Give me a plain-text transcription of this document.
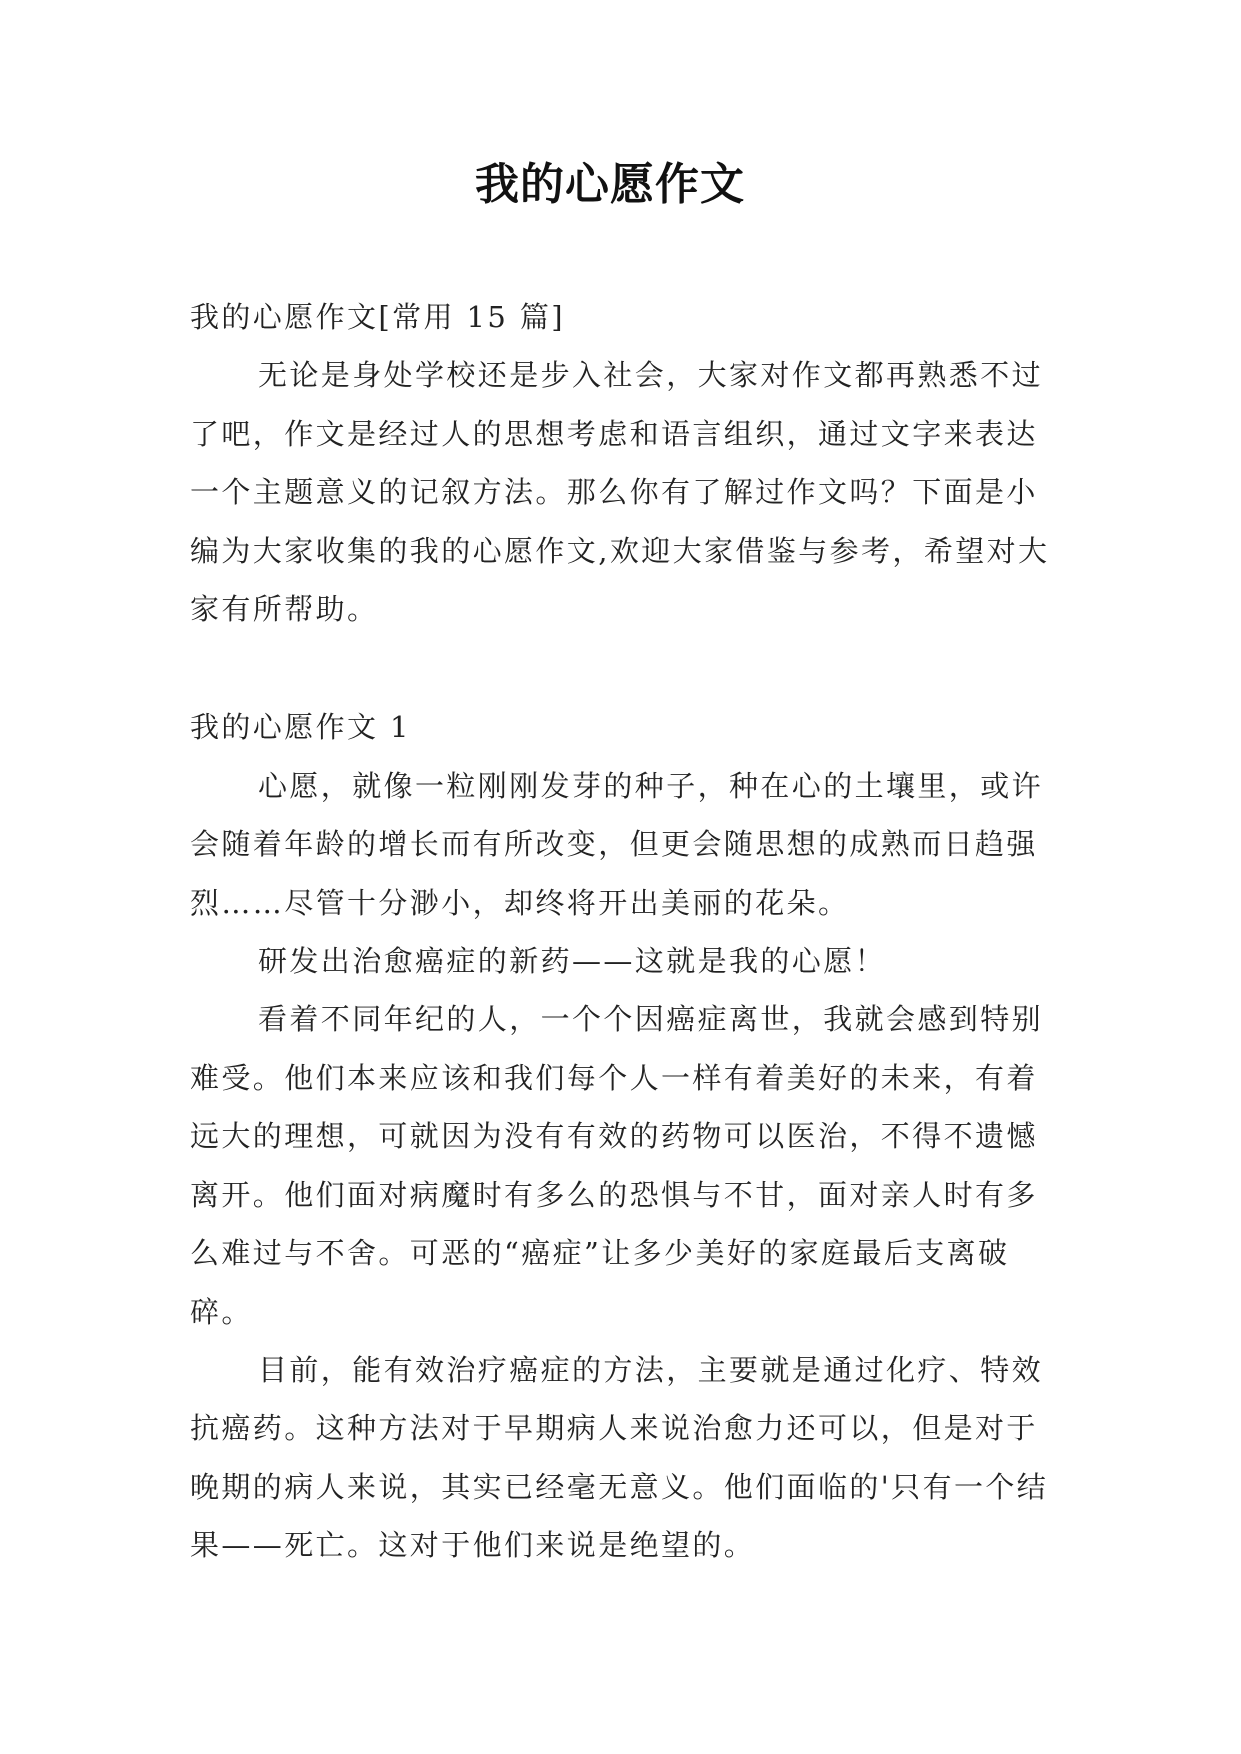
我的心愿作文

我的心愿作文[常用 15 篇]

无论是身处学校还是步入社会，大家对作文都再熟悉不过了吧，作文是经过人的思想考虑和语言组织，通过文字来表达一个主题意义的记叙方法。那么你有了解过作文吗？下面是小编为大家收集的我的心愿作文,欢迎大家借鉴与参考，希望对大家有所帮助。

我的心愿作文 1

心愿，就像一粒刚刚发芽的种子，种在心的土壤里，或许会随着年龄的增长而有所改变，但更会随思想的成熟而日趋强烈……尽管十分渺小，却终将开出美丽的花朵。

研发出治愈癌症的新药——这就是我的心愿！

看着不同年纪的人，一个个因癌症离世，我就会感到特别难受。他们本来应该和我们每个人一样有着美好的未来，有着远大的理想，可就因为没有有效的药物可以医治，不得不遗憾离开。他们面对病魔时有多么的恐惧与不甘，面对亲人时有多么难过与不舍。可恶的“癌症”让多少美好的家庭最后支离破碎。

目前，能有效治疗癌症的方法，主要就是通过化疗、特效抗癌药。这种方法对于早期病人来说治愈力还可以，但是对于晚期的病人来说，其实已经毫无意义。他们面临的'只有一个结果——死亡。这对于他们来说是绝望的。
